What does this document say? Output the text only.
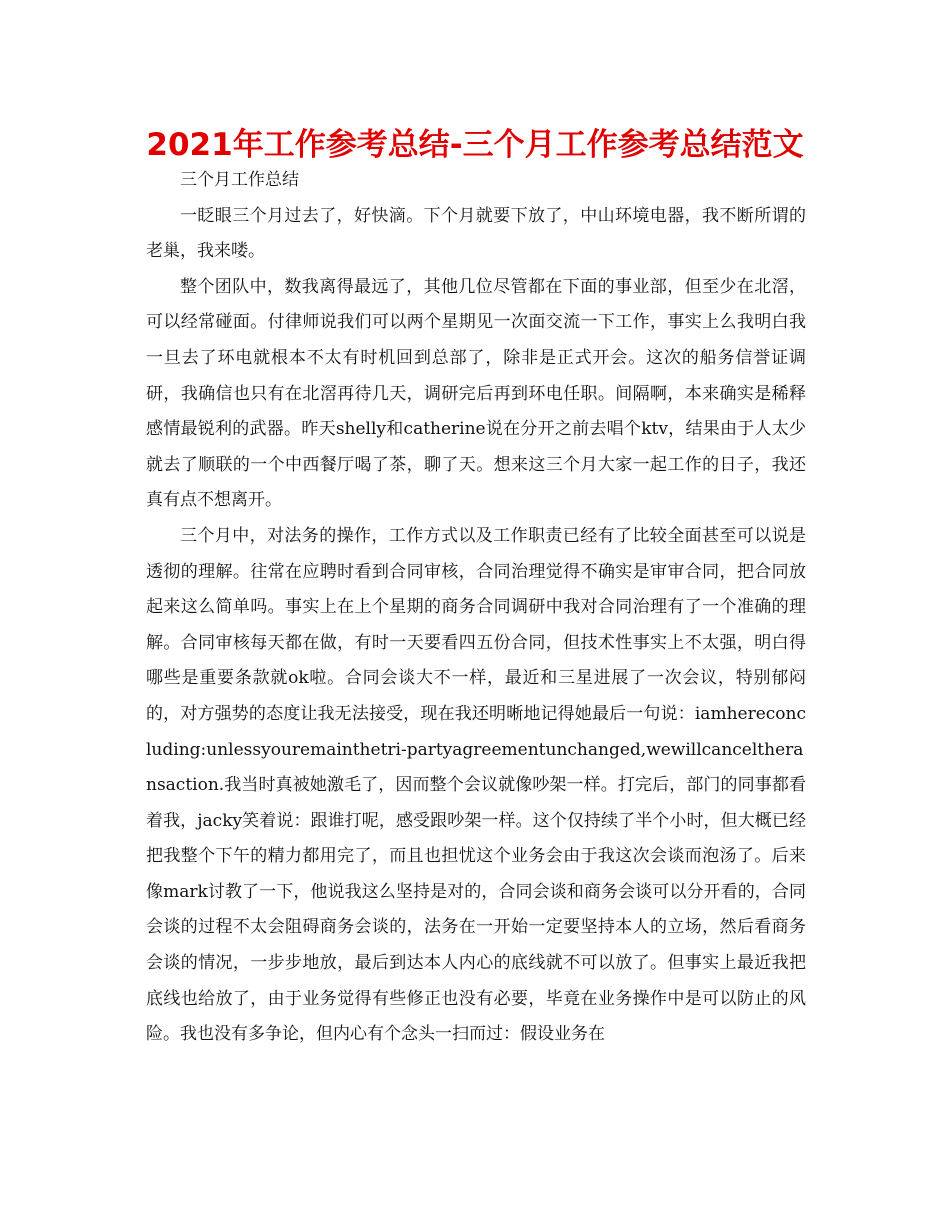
2021年工作参考总结-三个月工作参考总结范文

三个月工作总结

一眨眼三个月过去了，好快滴。下个月就要下放了，中山环境电器，我不断所谓的老巢，我来喽。

整个团队中，数我离得最远了，其他几位尽管都在下面的事业部，但至少在北滘，可以经常碰面。付律师说我们可以两个星期见一次面交流一下工作，事实上么我明白我一旦去了环电就根本不太有时机回到总部了，除非是正式开会。这次的船务信誉证调研，我确信也只有在北滘再待几天，调研完后再到环电任职。间隔啊，本来确实是稀释感情最锐利的武器。昨天shelly和catherine说在分开之前去唱个ktv，结果由于人太少就去了顺联的一个中西餐厅喝了茶，聊了天。想来这三个月大家一起工作的日子，我还真有点不想离开。

三个月中，对法务的操作，工作方式以及工作职责已经有了比较全面甚至可以说是透彻的理解。往常在应聘时看到合同审核，合同治理觉得不确实是审审合同，把合同放起来这么简单吗。事实上在上个星期的商务合同调研中我对合同治理有了一个准确的理解。合同审核每天都在做，有时一天要看四五份合同，但技术性事实上不太强，明白得哪些是重要条款就ok啦。合同会谈大不一样，最近和三星进展了一次会议，特别郁闷的，对方强势的态度让我无法接受，现在我还明晰地记得她最后一句说：iamhereconcluding:unlessyouremainthetri-partyagreementunchanged,wewillcanceltheransaction.我当时真被她激毛了，因而整个会议就像吵架一样。打完后，部门的同事都看着我，jacky笑着说：跟谁打呢，感受跟吵架一样。这个仅持续了半个小时，但大概已经把我整个下午的精力都用完了，而且也担忧这个业务会由于我这次会谈而泡汤了。后来像mark讨教了一下，他说我这么坚持是对的，合同会谈和商务会谈可以分开看的，合同会谈的过程不太会阻碍商务会谈的，法务在一开始一定要坚持本人的立场，然后看商务会谈的情况，一步步地放，最后到达本人内心的底线就不可以放了。但事实上最近我把底线也给放了，由于业务觉得有些修正也没有必要，毕竟在业务操作中是可以防止的风险。我也没有多争论，但内心有个念头一扫而过：假设业务在
